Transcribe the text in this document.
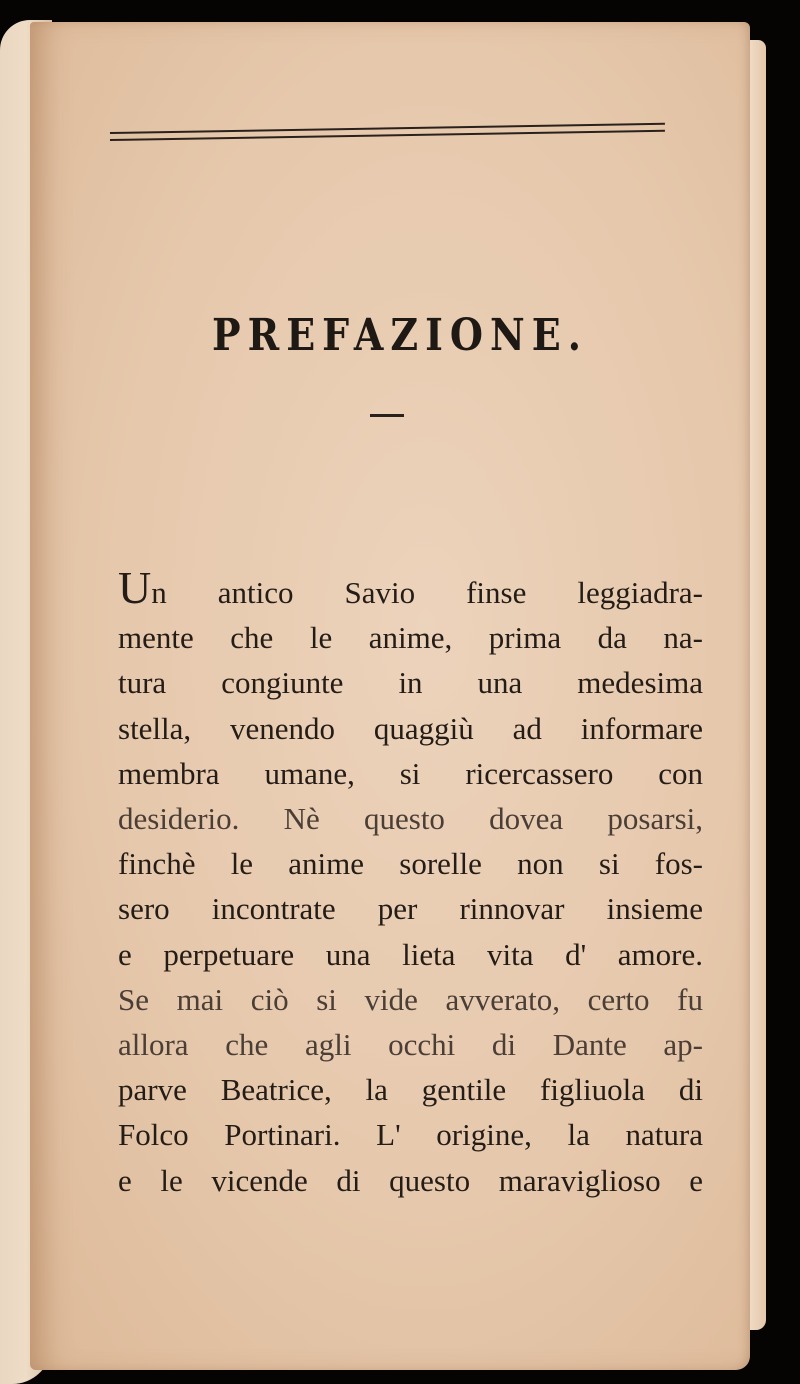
PREFAZIONE.
Un antico Savio finse leggiadra-
mente che le anime, prima da na-
tura congiunte in una medesima
stella, venendo quaggiù ad informare
membra umane, si ricercassero con
desiderio. Nè questo dovea posarsi,
finchè le anime sorelle non si fos-
sero incontrate per rinnovar insieme
e perpetuare una lieta vita d' amore.
Se mai ciò si vide avverato, certo fu
allora che agli occhi di Dante ap-
parve Beatrice, la gentile figliuola di
Folco Portinari. L' origine, la natura
e le vicende di questo maraviglioso e
